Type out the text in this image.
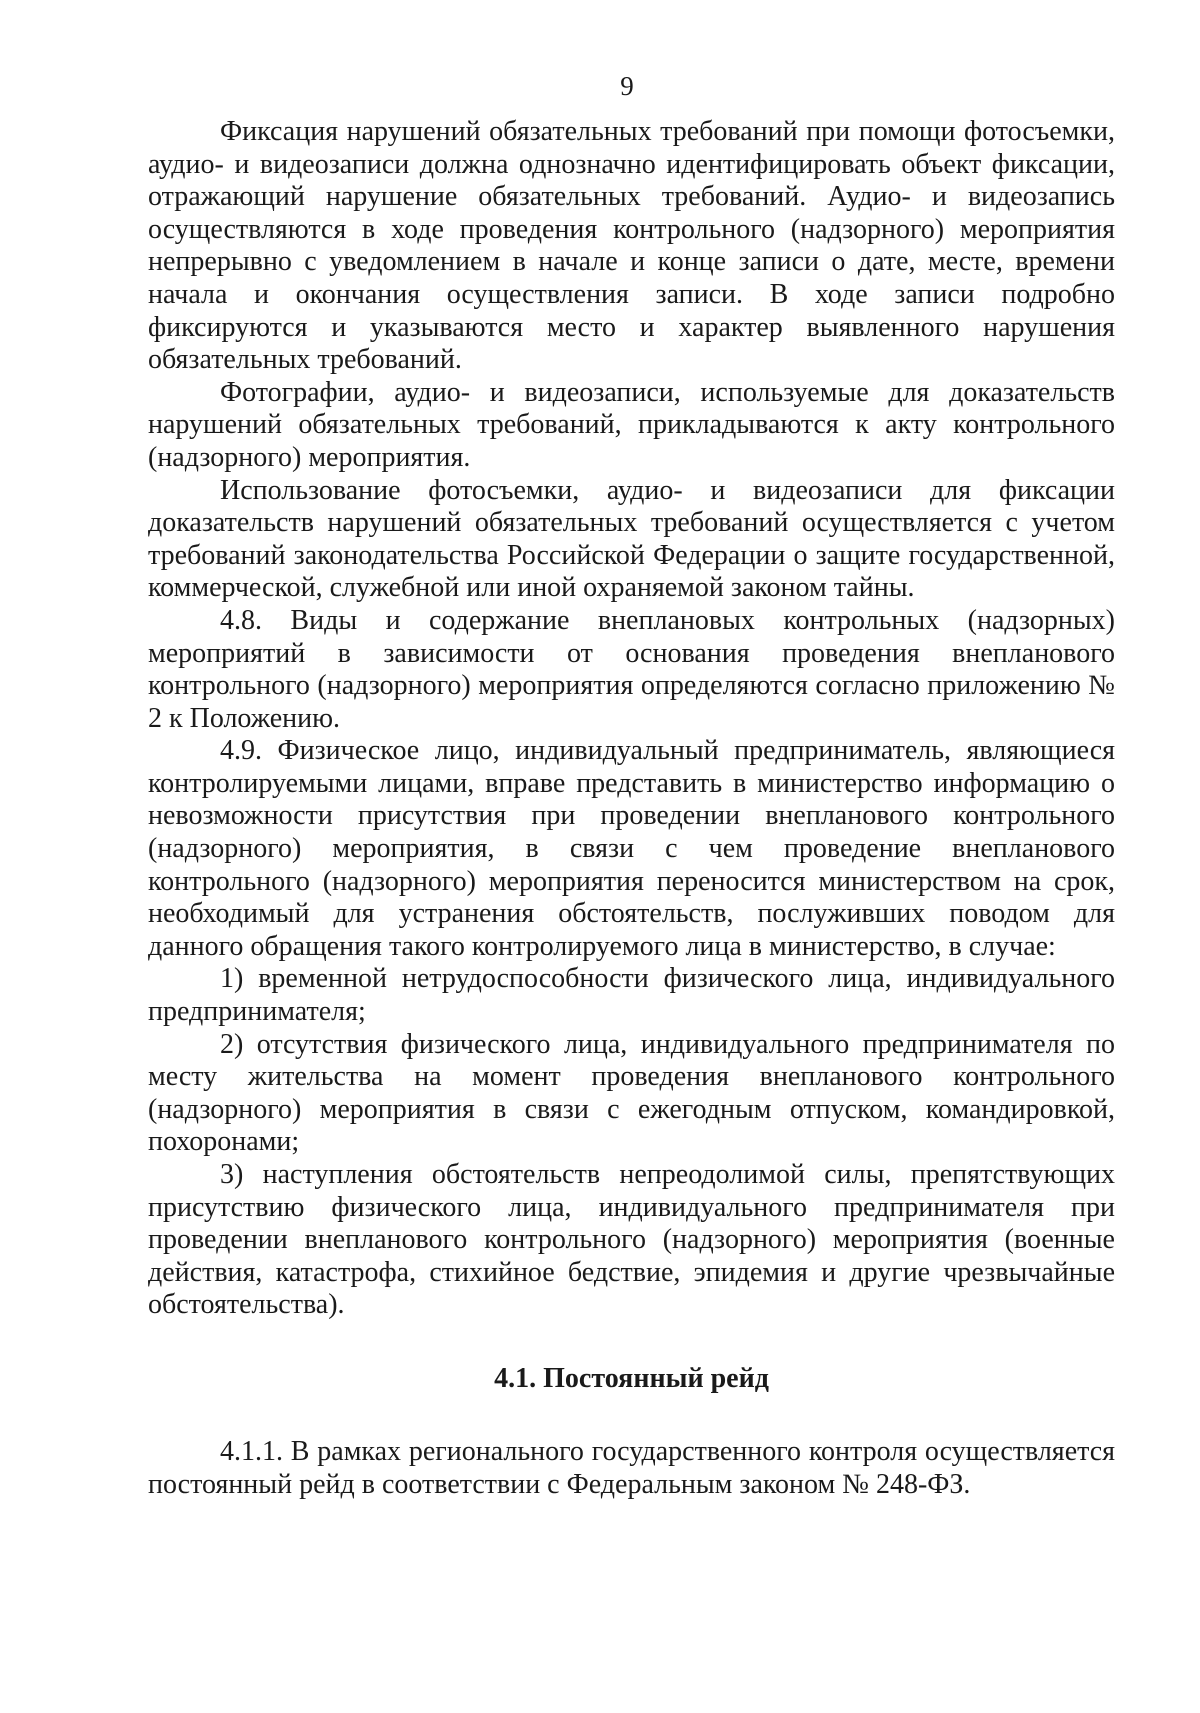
9

Фиксация нарушений обязательных требований при помощи фотосъемки, аудио- и видеозаписи должна однозначно идентифицировать объект фиксации, отражающий нарушение обязательных требований. Аудио- и видеозапись осуществляются в ходе проведения контрольного (надзорного) мероприятия непрерывно с уведомлением в начале и конце записи о дате, месте, времени начала и окончания осуществления записи. В ходе записи подробно фиксируются и указываются место и характер выявленного нарушения обязательных требований.

Фотографии, аудио- и видеозаписи, используемые для доказательств нарушений обязательных требований, прикладываются к акту контрольного (надзорного) мероприятия.

Использование фотосъемки, аудио- и видеозаписи для фиксации доказательств нарушений обязательных требований осуществляется с учетом требований законодательства Российской Федерации о защите государственной, коммерческой, служебной или иной охраняемой законом тайны.

4.8. Виды и содержание внеплановых контрольных (надзорных) мероприятий в зависимости от основания проведения внепланового контрольного (надзорного) мероприятия определяются согласно приложению № 2 к Положению.

4.9. Физическое лицо, индивидуальный предприниматель, являющиеся контролируемыми лицами, вправе представить в министерство информацию о невозможности присутствия при проведении внепланового контрольного (надзорного) мероприятия, в связи с чем проведение внепланового контрольного (надзорного) мероприятия переносится министерством на срок, необходимый для устранения обстоятельств, послуживших поводом для данного обращения такого контролируемого лица в министерство, в случае:

1) временной нетрудоспособности физического лица, индивидуального предпринимателя;

2) отсутствия физического лица, индивидуального предпринимателя по месту жительства на момент проведения внепланового контрольного (надзорного) мероприятия в связи с ежегодным отпуском, командировкой, похоронами;

3) наступления обстоятельств непреодолимой силы, препятствующих присутствию физического лица, индивидуального предпринимателя при проведении внепланового контрольного (надзорного) мероприятия (военные действия, катастрофа, стихийное бедствие, эпидемия и другие чрезвычайные обстоятельства).

4.1. Постоянный рейд

4.1.1. В рамках регионального государственного контроля осуществляется постоянный рейд в соответствии с Федеральным законом № 248-ФЗ.
